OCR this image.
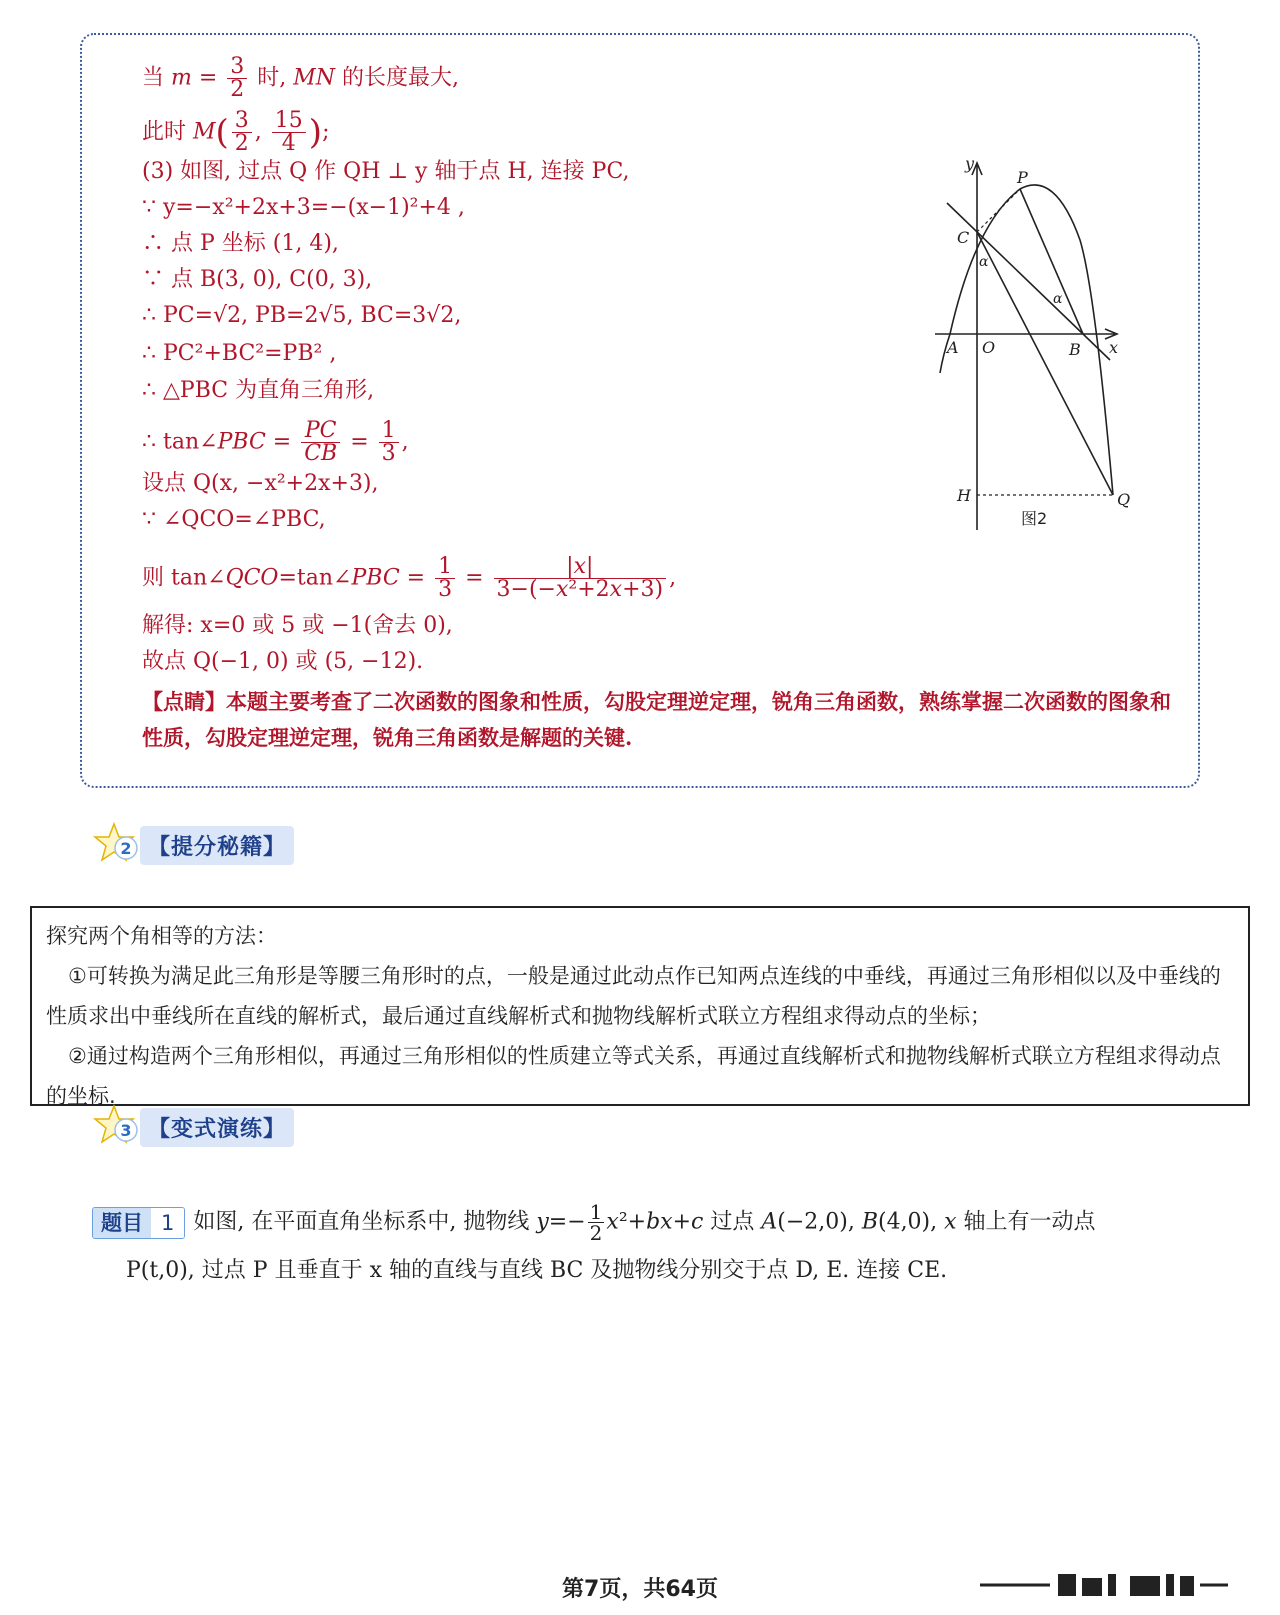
当 $m = \frac{3}{2}$ 时, MN 的长度最大,
此时 $M( \frac{3}{2}$ , $\frac{15}{4}$ );
(3) 如图, 过点 Q 作 QH ⊥ y 轴于点 H, 连接 PC,
∵ y=−x²+2x+3=−(x−1)²+4 ,
∴ 点 P 坐标 (1, 4),
∵ 点 B(3, 0), C(0, 3),
∴ PC=√2, PB=2√5, BC=3√2,
∴ PC²+BC²=PB² ,
∴ △PBC 为直角三角形,
∴ tan∠PBC = $\frac{PC}{CB} = \frac{1}{3}$ ,
设点 Q(x, −x²+2x+3),
∵ ∠QCO=∠PBC,
则 tan∠QCO=tan∠PBC = $\frac{1}{3} = \frac{|x|}{\text{3−(−x²+2x+3)}}$ ,
解得: x=0 或 5 或 −1(舍去 0),
故点 Q(−1, 0) 或 (5, −12).
【点睛】本题主要考查了二次函数的图象和性质，勾股定理逆定理，锐角三角函数，熟练掌握二次函数的图象和性质，勾股定理逆定理，锐角三角函数是解题的关键.
y
P
C
α
α
A O	B x
H	Q
图2
2 【提分秘籍】

探究两个角相等的方法：

①可转换为满足此三角形是等腰三角形时的点，一般是通过此动点作已知两点连线的中垂线，再通过三角形相似以及中垂线的性质求出中垂线所在直线的解析式，最后通过直线解析式和抛物线解析式联立方程组求得动点的坐标；

②通过构造两个三角形相似，再通过三角形相似的性质建立等式关系，再通过直线解析式和抛物线解析式联立方程组求得动点的坐标.

3 【变式演练】
题目 1 如图, 在平面直角坐标系中, 抛物线 $y=- \frac{1}{2} x^2+bx+c$ 过点 A(−2,0), B(4,0), x 轴上有一动点
P(t,0), 过点 P 且垂直于 x 轴的直线与直线 BC 及抛物线分别交于点 D, E. 连接 CE.
第7页，共64页
